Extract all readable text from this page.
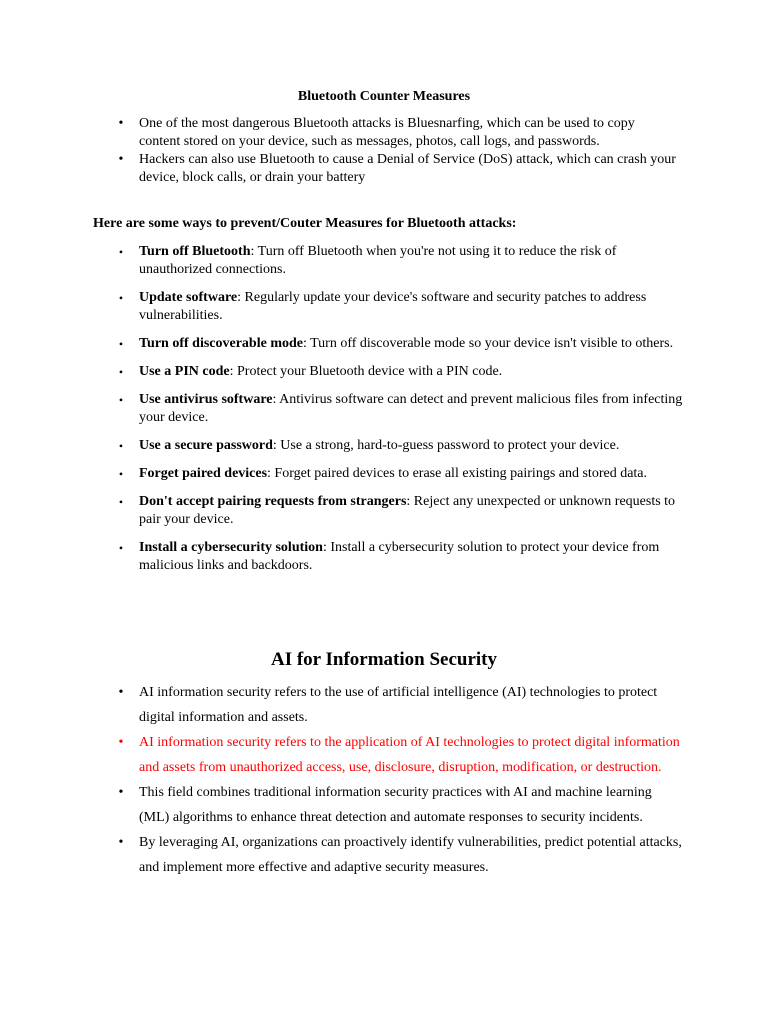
Bluetooth Counter Measures
• One of the most dangerous Bluetooth attacks is Bluesnarfing, which can be used to copy content stored on your device, such as messages, photos, call logs, and passwords.
• Hackers can also use Bluetooth to cause a Denial of Service (DoS) attack, which can crash your device, block calls, or drain your battery
Here are some ways to prevent/Couter Measures for Bluetooth attacks:
• Turn off Bluetooth: Turn off Bluetooth when you're not using it to reduce the risk of unauthorized connections.
• Update software: Regularly update your device's software and security patches to address vulnerabilities.
• Turn off discoverable mode: Turn off discoverable mode so your device isn't visible to others.
• Use a PIN code: Protect your Bluetooth device with a PIN code.
• Use antivirus software: Antivirus software can detect and prevent malicious files from infecting your device.
• Use a secure password: Use a strong, hard-to-guess password to protect your device.
• Forget paired devices: Forget paired devices to erase all existing pairings and stored data.
• Don't accept pairing requests from strangers: Reject any unexpected or unknown requests to pair your device.
• Install a cybersecurity solution: Install a cybersecurity solution to protect your device from malicious links and backdoors.
AI for Information Security
• AI information security refers to the use of artificial intelligence (AI) technologies to protect digital information and assets.
• AI information security refers to the application of AI technologies to protect digital information and assets from unauthorized access, use, disclosure, disruption, modification, or destruction.
• This field combines traditional information security practices with AI and machine learning (ML) algorithms to enhance threat detection and automate responses to security incidents.
• By leveraging AI, organizations can proactively identify vulnerabilities, predict potential attacks, and implement more effective and adaptive security measures.
